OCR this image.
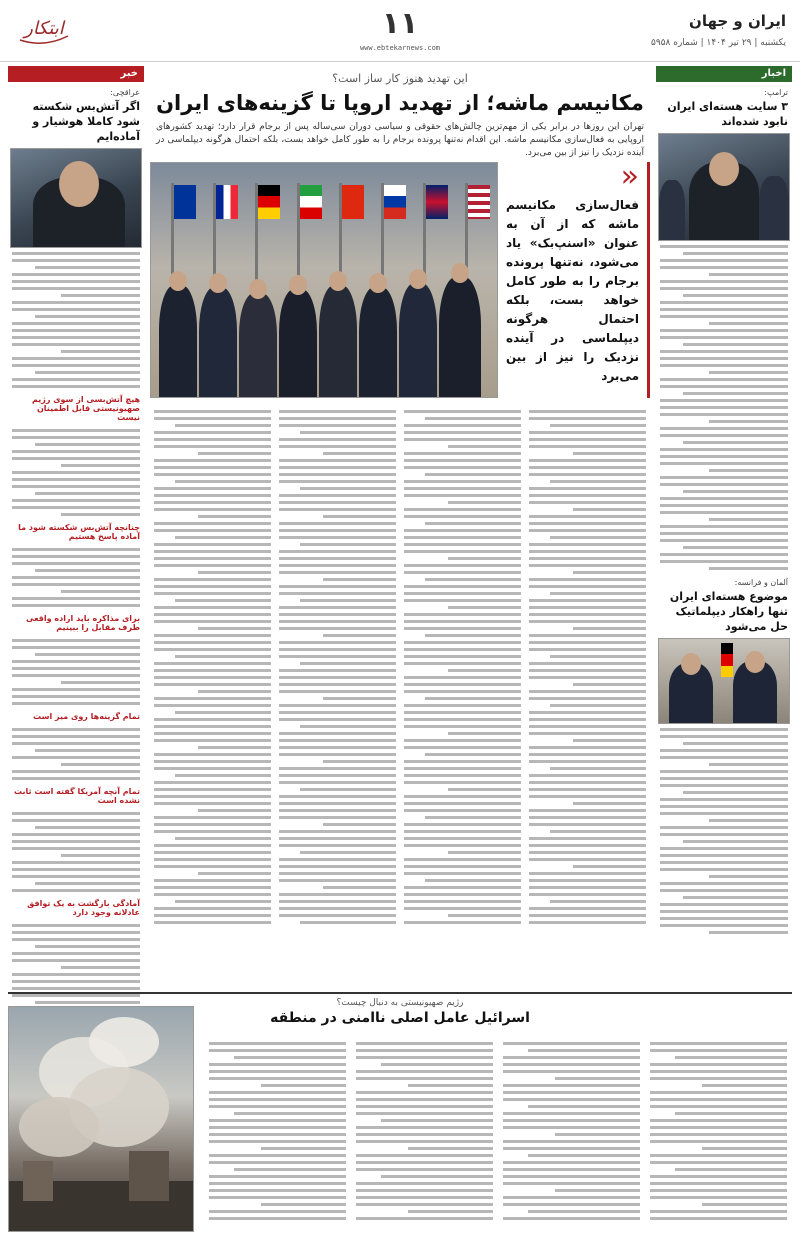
ایران و جهان
یکشنبه | ۲۹ تیر ۱۴۰۴ | شماره ۵۹۵۸
۱۱
www.ebtekarnews.com
ابتکار
اخبار
ترامپ:
۳ سایت هسته‌ای ایران نابود شده‌اند
آلمان و فرانسه:
موضوع هسته‌ای ایران تنها راهکار دیپلماتیک حل می‌شود
خبر
عراقچی:
اگر آتش‌بس شکسته شود کاملا هوشیار و آماده‌ایم
هیچ آتش‌بسی از سوی رژیم صهیونیستی قابل اطمینان نیست
چنانچه آتش‌بس شکسته شود ما آماده پاسخ هستیم
برای مذاکره باید اراده واقعی طرف مقابل را ببینیم
تمام گزینه‌ها روی میز است
تمام آنچه آمریکا گفته است ثابت نشده است
آمادگی بازگشت به یک توافق عادلانه وجود دارد
این تهدید هنوز کار ساز است؟
مکانیسم ماشه؛ از تهدید اروپا تا گزینه‌های ایران
تهران این روزها در برابر یکی از مهم‌ترین چالش‌های حقوقی و سیاسی دوران سی‌ساله پس از برجام قرار دارد؛ تهدید کشورهای اروپایی به فعال‌سازی مکانیسم ماشه. این اقدام نه‌تنها پرونده برجام را به طور کامل خواهد بست، بلکه احتمال هرگونه دیپلماسی در آینده نزدیک را نیز از بین می‌برد.
«
فعال‌سازی مکانیسم ماشه که از آن به عنوان «اسنپ‌بک» یاد می‌شود، نه‌تنها پرونده برجام را به طور کامل خواهد بست، بلکه احتمال هرگونه دیپلماسی در آینده نزدیک را نیز از بین می‌برد
رژیم صهیونیستی به دنبال چیست؟
اسرائیل عامل اصلی ناامنی در منطقه
